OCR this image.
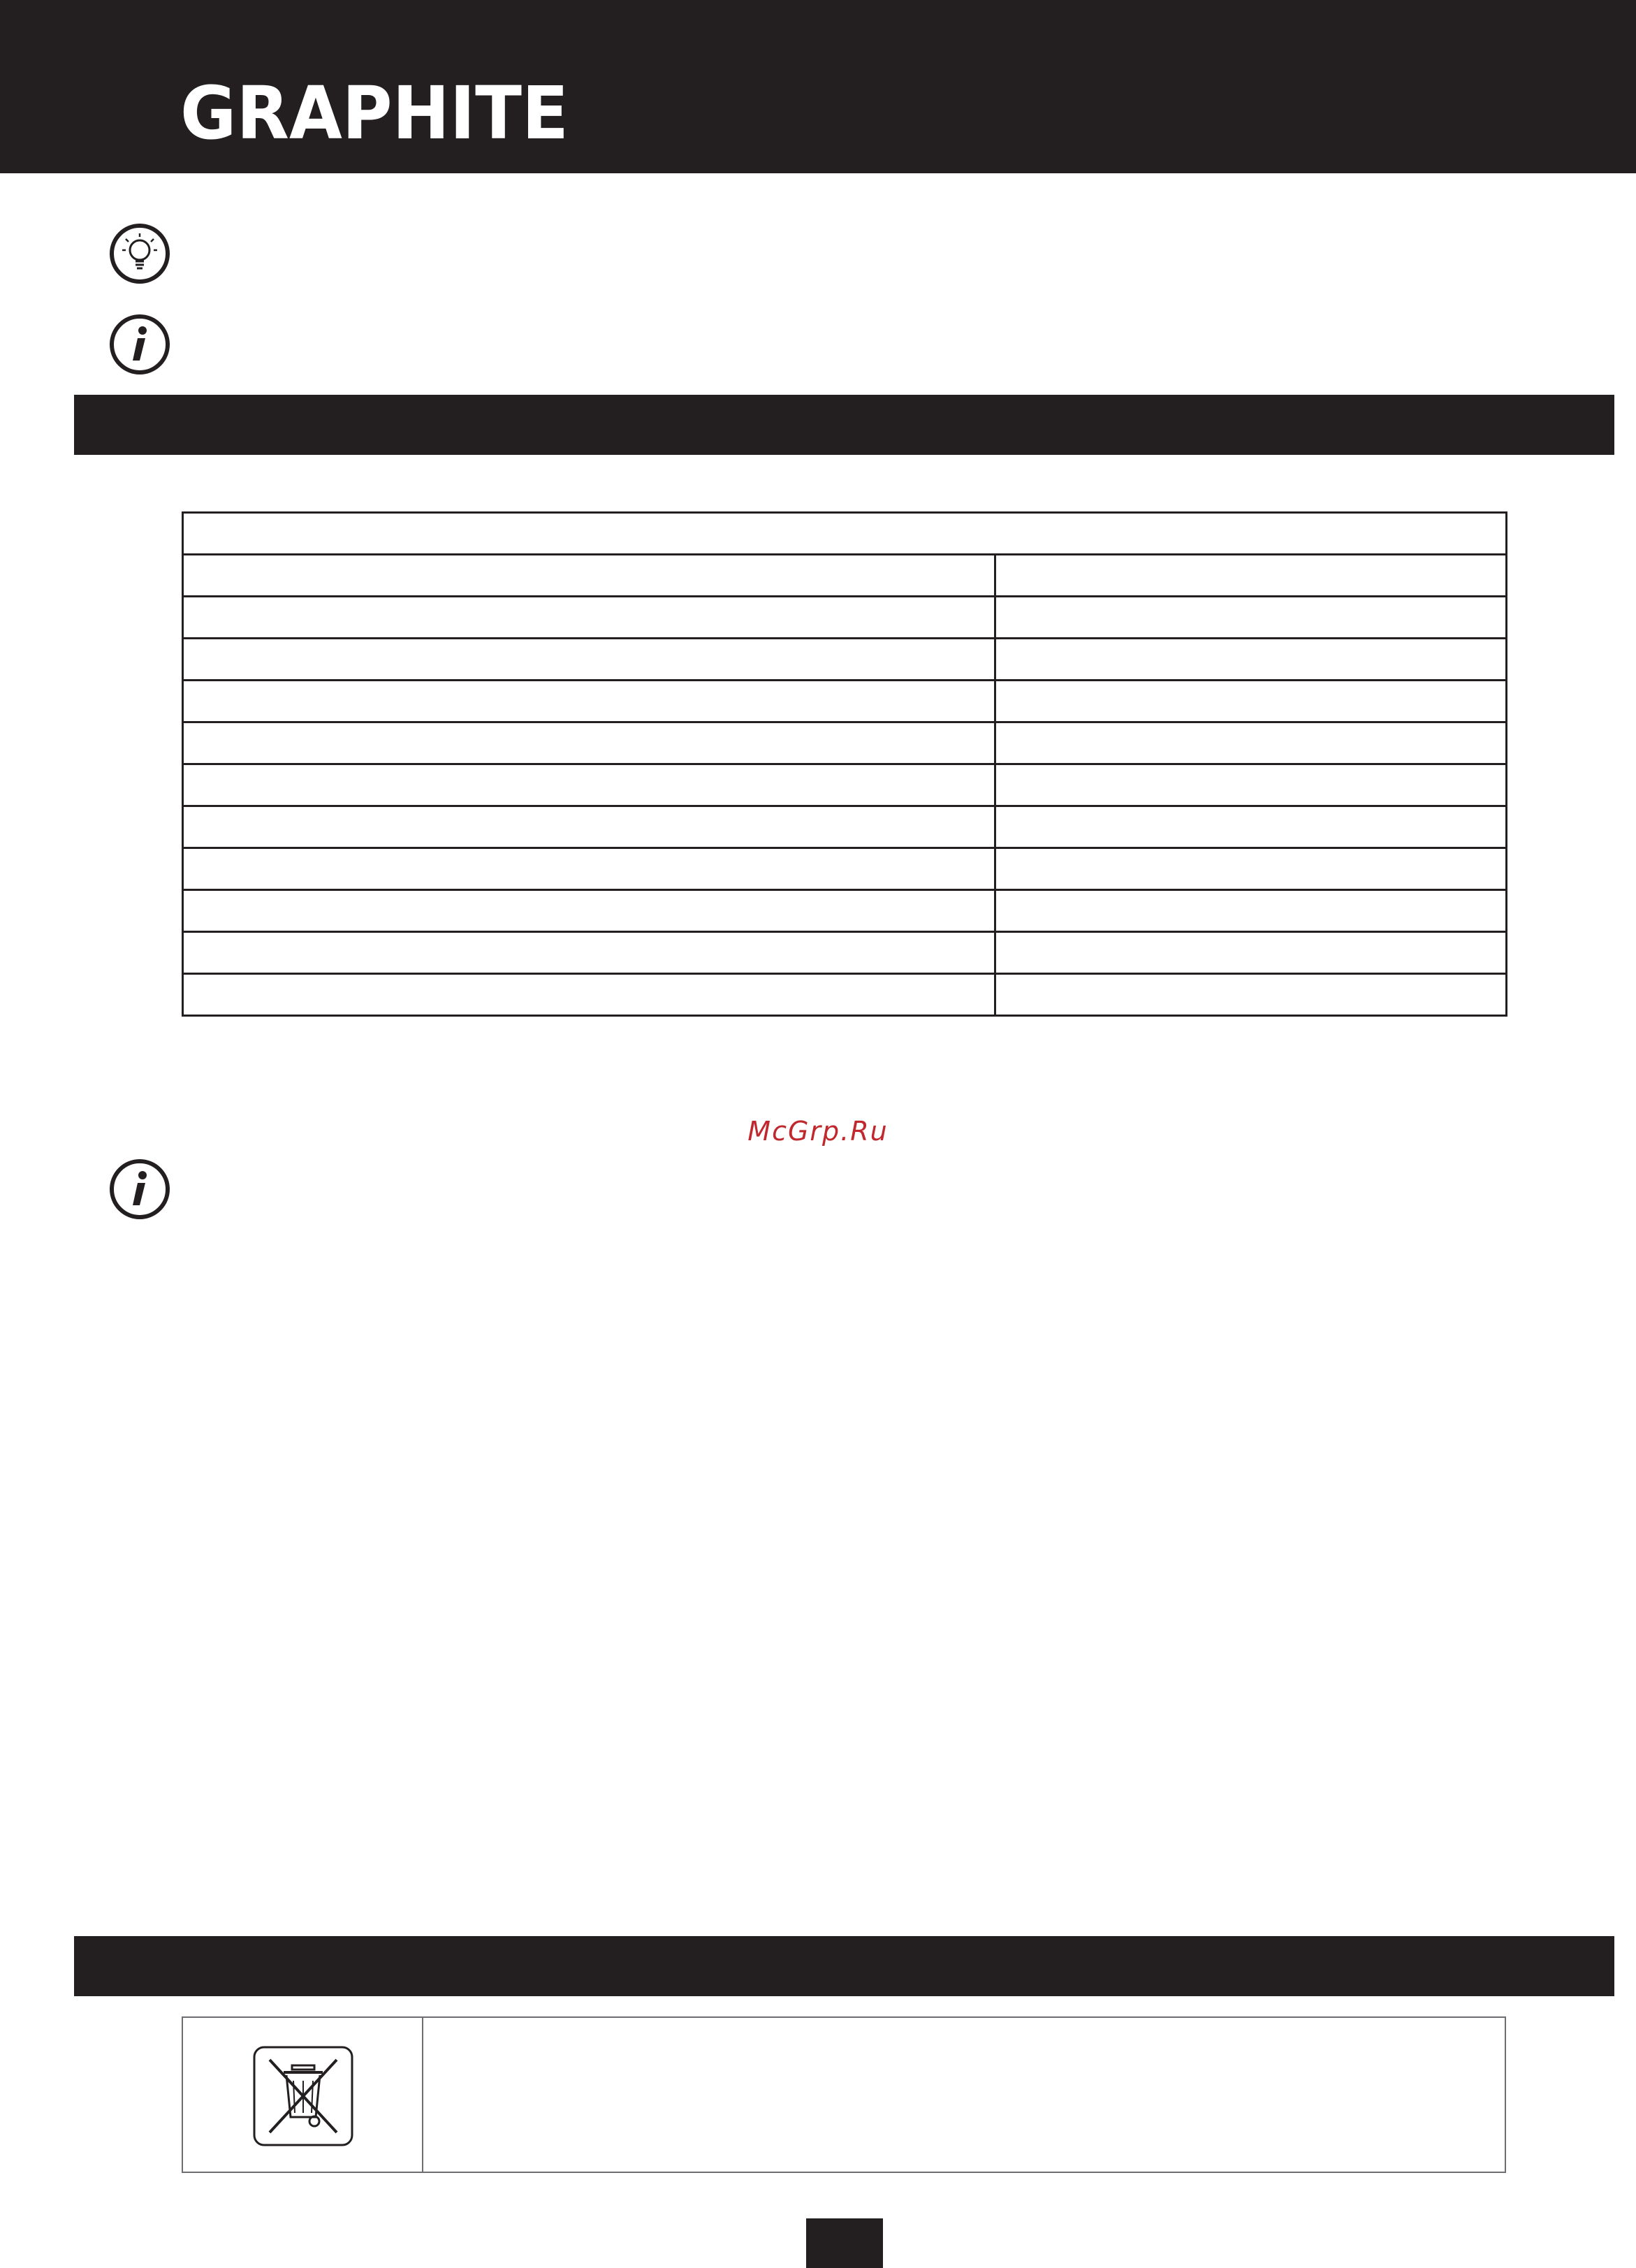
GRAPHITE

McGrp.Ru
